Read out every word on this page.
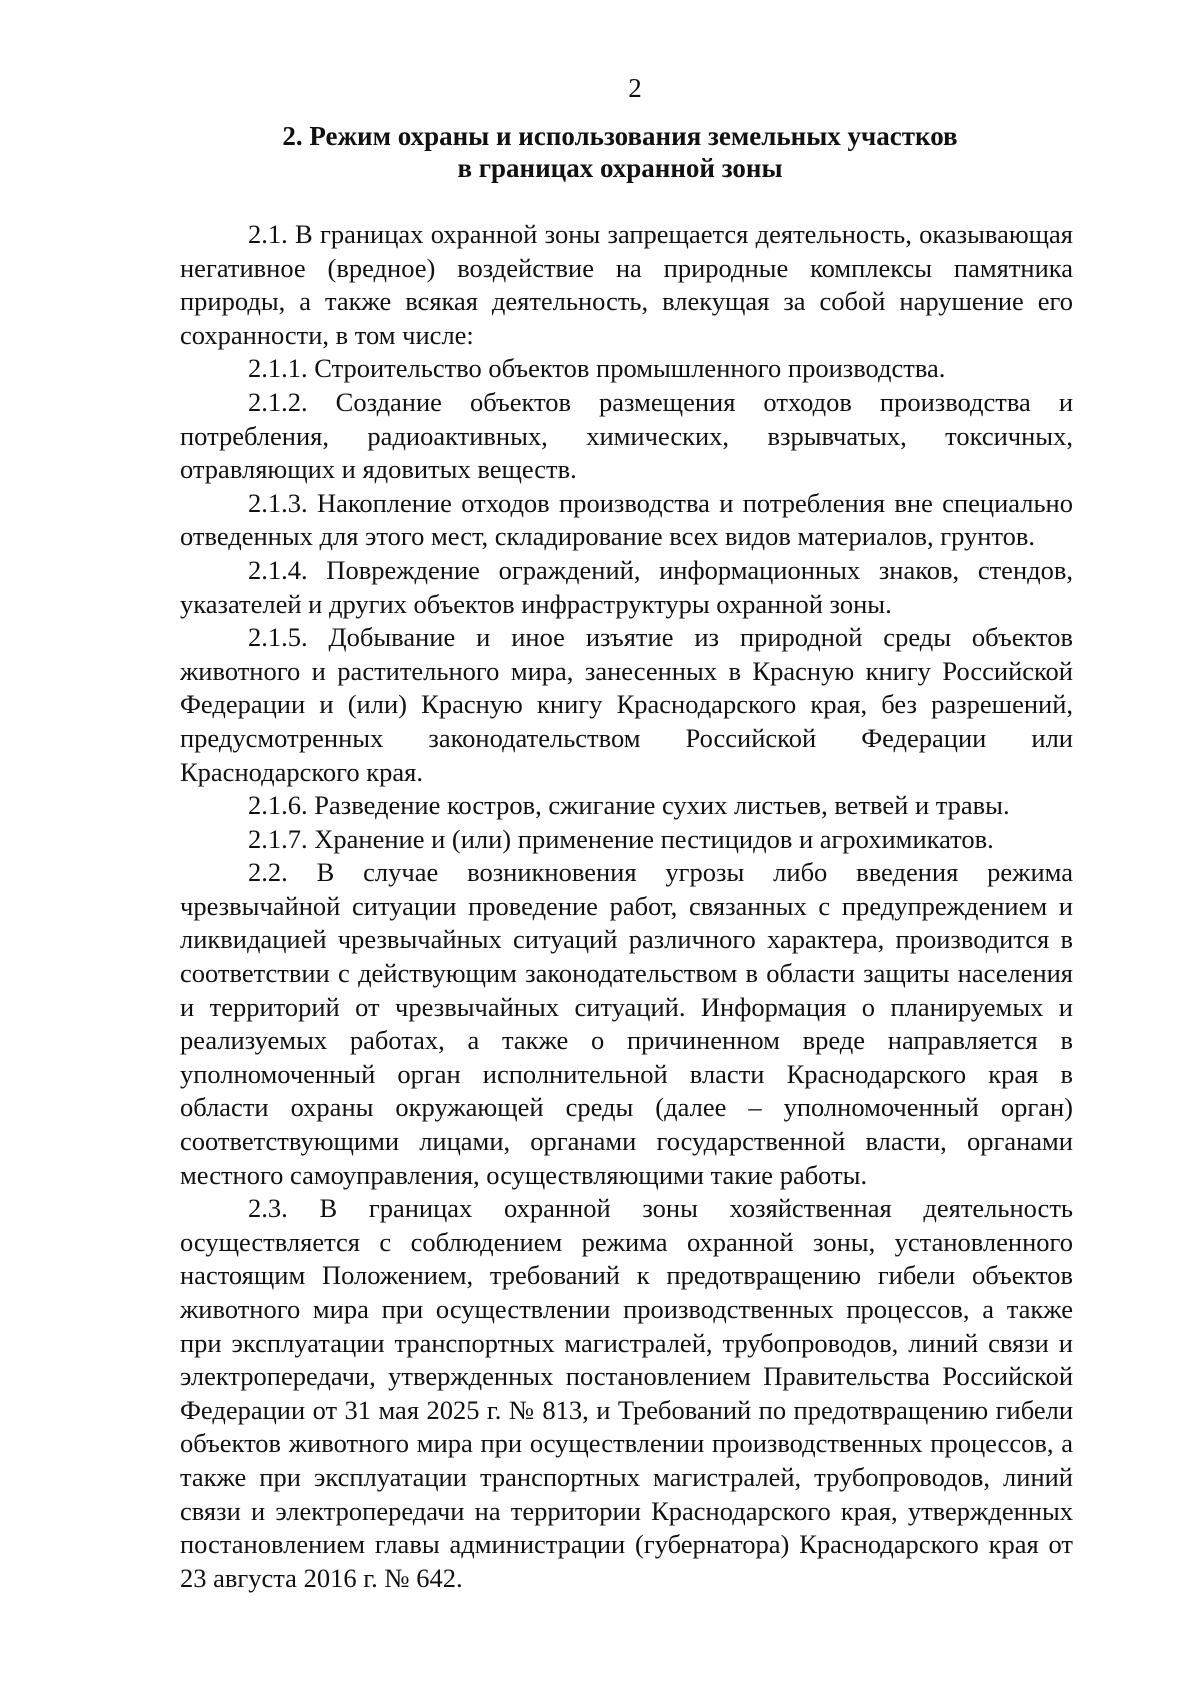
2
2. Режим охраны и использования земельных участков
в границах охранной зоны

2.1. В границах охранной зоны запрещается деятельность, оказывающая негативное (вредное) воздействие на природные комплексы памятника природы, а также всякая деятельность, влекущая за собой нарушение его сохранности, в том числе:

2.1.1. Строительство объектов промышленного производства.

2.1.2. Создание объектов размещения отходов производства и потребления, радиоактивных, химических, взрывчатых, токсичных, отравляющих и ядовитых веществ.

2.1.3. Накопление отходов производства и потребления вне специально отведенных для этого мест, складирование всех видов материалов, грунтов.

2.1.4. Повреждение ограждений, информационных знаков, стендов, указателей и других объектов инфраструктуры охранной зоны.

2.1.5. Добывание и иное изъятие из природной среды объектов животного и растительного мира, занесенных в Красную книгу Российской Федерации и (или) Красную книгу Краснодарского края, без разрешений, предусмотренных законодательством Российской Федерации или Краснодарского края.

2.1.6. Разведение костров, сжигание сухих листьев, ветвей и травы.

2.1.7. Хранение и (или) применение пестицидов и агрохимикатов.

2.2. В случае возникновения угрозы либо введения режима чрезвычайной ситуации проведение работ, связанных с предупреждением и ликвидацией чрезвычайных ситуаций различного характера, производится в соответствии с действующим законодательством в области защиты населения и территорий от чрезвычайных ситуаций. Информация о планируемых и реализуемых работах, а также о причиненном вреде направляется в уполномоченный орган исполнительной власти Краснодарского края в области охраны окружающей среды (далее – уполномоченный орган) соответствующими лицами, органами государственной власти, органами местного самоуправления, осуществляющими такие работы.

2.3. В границах охранной зоны хозяйственная деятельность осуществляется с соблюдением режима охранной зоны, установленного настоящим Положением, требований к предотвращению гибели объектов животного мира при осуществлении производственных процессов, а также при эксплуатации транспортных магистралей, трубопроводов, линий связи и электропередачи, утвержденных постановлением Правительства Российской Федерации от 31 мая 2025 г. № 813, и Требований по предотвращению гибели объектов животного мира при осуществлении производственных процессов, а также при эксплуатации транспортных магистралей, трубопроводов, линий связи и электропередачи на территории Краснодарского края, утвержденных постановлением главы администрации (губернатора) Краснодарского края от 23 августа 2016 г. № 642.
